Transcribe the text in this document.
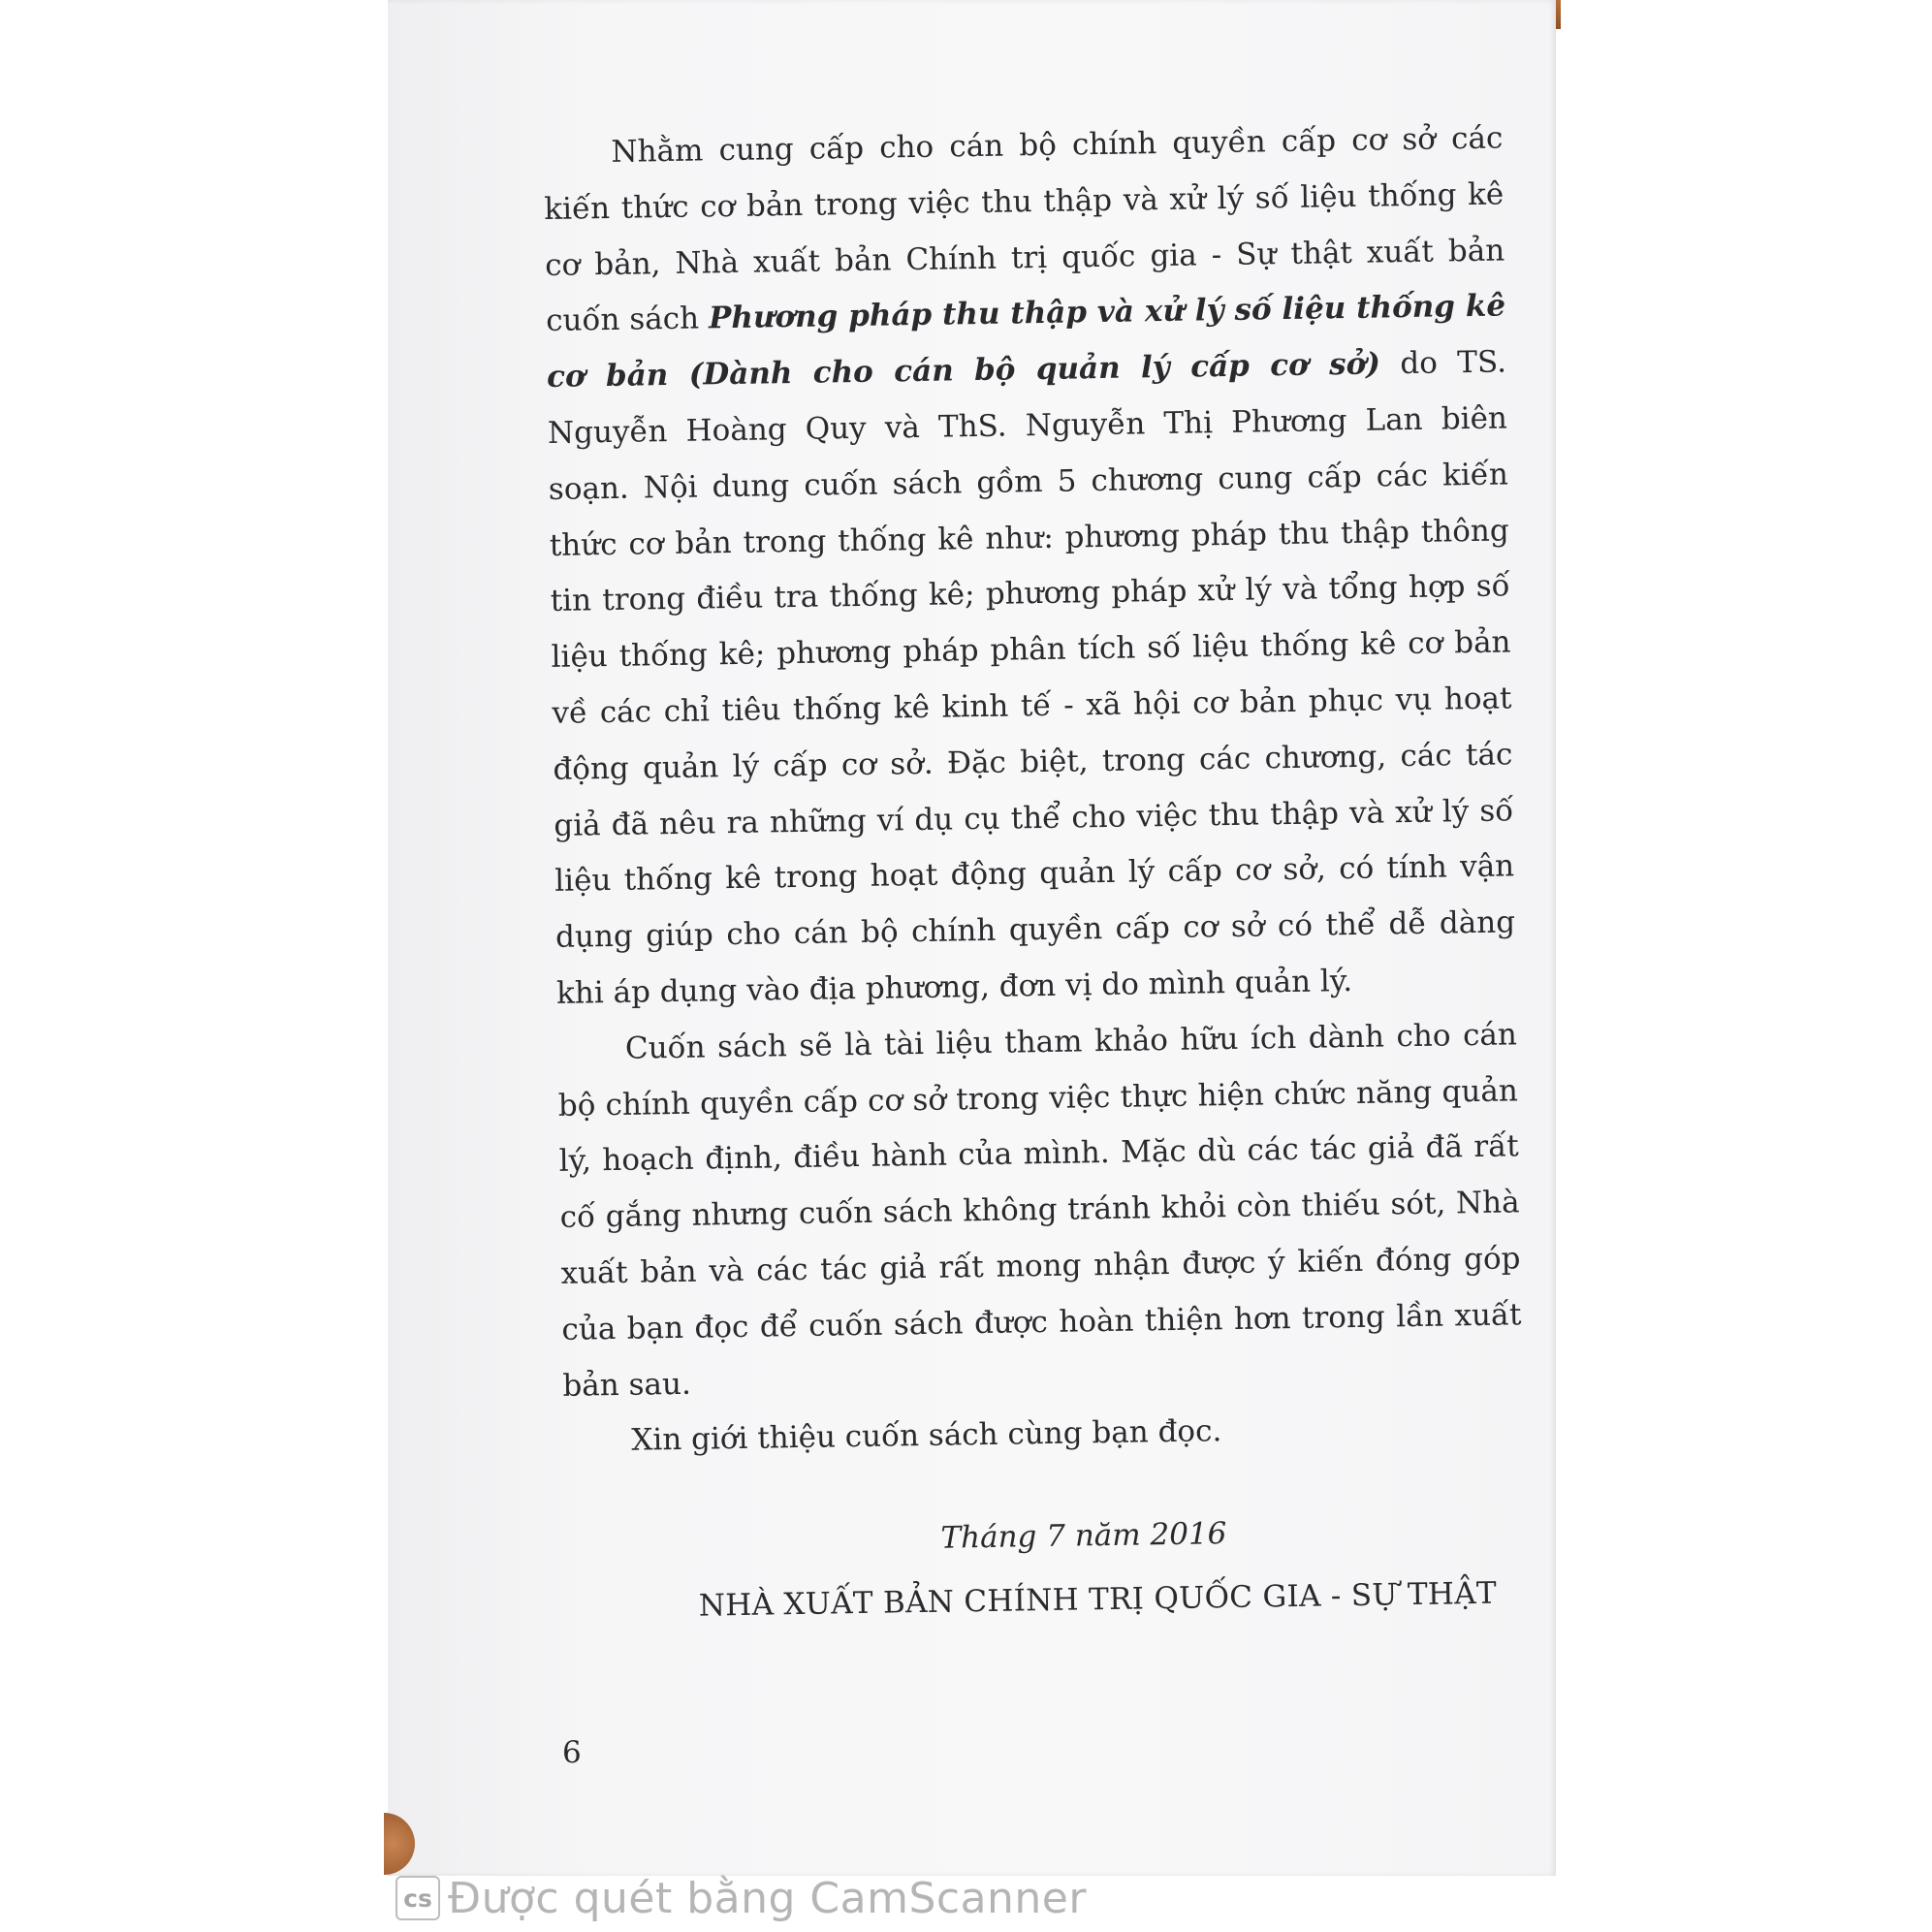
Nhằm cung cấp cho cán bộ chính quyền cấp cơ sở các kiến thức cơ bản trong việc thu thập và xử lý số liệu thống kê cơ bản, Nhà xuất bản Chính trị quốc gia - Sự thật xuất bản cuốn sách Phương pháp thu thập và xử lý số liệu thống kê cơ bản (Dành cho cán bộ quản lý cấp cơ sở) do TS. Nguyễn Hoàng Quy và ThS. Nguyễn Thị Phương Lan biên soạn. Nội dung cuốn sách gồm 5 chương cung cấp các kiến thức cơ bản trong thống kê như: phương pháp thu thập thông tin trong điều tra thống kê; phương pháp xử lý và tổng hợp số liệu thống kê; phương pháp phân tích số liệu thống kê cơ bản về các chỉ tiêu thống kê kinh tế - xã hội cơ bản phục vụ hoạt động quản lý cấp cơ sở. Đặc biệt, trong các chương, các tác giả đã nêu ra những ví dụ cụ thể cho việc thu thập và xử lý số liệu thống kê trong hoạt động quản lý cấp cơ sở, có tính vận dụng giúp cho cán bộ chính quyền cấp cơ sở có thể dễ dàng khi áp dụng vào địa phương, đơn vị do mình quản lý.

Cuốn sách sẽ là tài liệu tham khảo hữu ích dành cho cán bộ chính quyền cấp cơ sở trong việc thực hiện chức năng quản lý, hoạch định, điều hành của mình. Mặc dù các tác giả đã rất cố gắng nhưng cuốn sách không tránh khỏi còn thiếu sót, Nhà xuất bản và các tác giả rất mong nhận được ý kiến đóng góp của bạn đọc để cuốn sách được hoàn thiện hơn trong lần xuất bản sau.

Xin giới thiệu cuốn sách cùng bạn đọc.

Tháng 7 năm 2016
NHÀ XUẤT BẢN CHÍNH TRỊ QUỐC GIA - SỰ THẬT
6
cs Được quét bằng CamScanner
